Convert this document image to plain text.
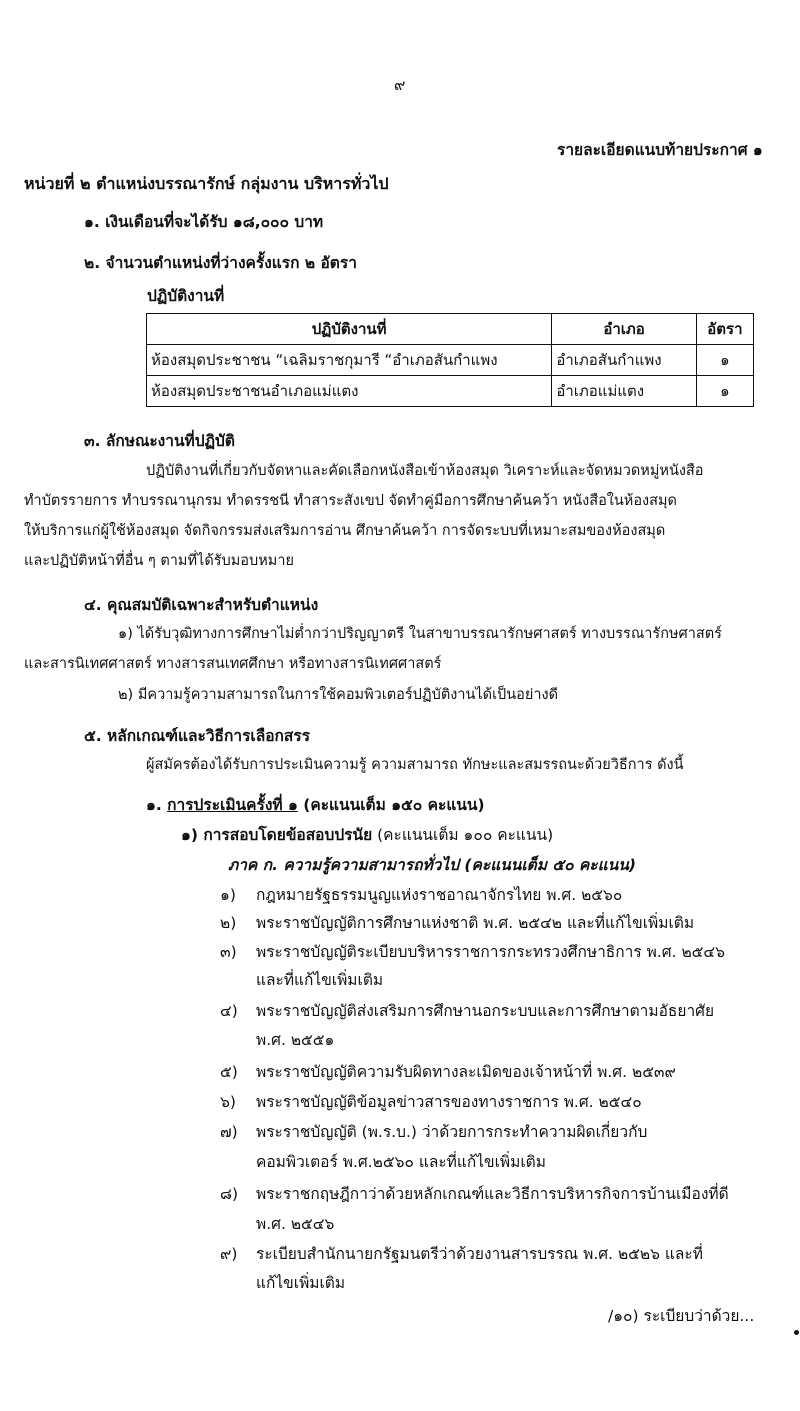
๙
รายละเอียดแนบท้ายประกาศ ๑
หน่วยที่ ๒ ตำแหน่งบรรณารักษ์ กลุ่มงาน บริหารทั่วไป
๑. เงินเดือนที่จะได้รับ ๑๘,๐๐๐ บาท
๒. จำนวนตำแหน่งที่ว่างครั้งแรก ๒ อัตรา
ปฏิบัติงานที่
ปฏิบัติงานที่	อำเภอ	อัตรา
ห้องสมุดประชาชน “เฉลิมราชกุมารี “อำเภอสันกำแพง	อำเภอสันกำแพง	๑
ห้องสมุดประชาชนอำเภอแม่แตง	อำเภอแม่แตง	๑
๓. ลักษณะงานที่ปฏิบัติ
ปฏิบัติงานที่เกี่ยวกับจัดหาและคัดเลือกหนังสือเข้าห้องสมุด วิเคราะห์และจัดหมวดหมู่หนังสือ
ทำบัตรรายการ ทำบรรณานุกรม ทำดรรชนี ทำสาระสังเขป จัดทำคู่มือการศึกษาค้นคว้า หนังสือในห้องสมุด
ให้บริการแก่ผู้ใช้ห้องสมุด จัดกิจกรรมส่งเสริมการอ่าน ศึกษาค้นคว้า การจัดระบบที่เหมาะสมของห้องสมุด
และปฏิบัติหน้าที่อื่น ๆ ตามที่ได้รับมอบหมาย
๔. คุณสมบัติเฉพาะสำหรับตำแหน่ง
๑) ได้รับวุฒิทางการศึกษาไม่ต่ำกว่าปริญญาตรี ในสาขาบรรณารักษศาสตร์ ทางบรรณารักษศาสตร์
และสารนิเทศศาสตร์ ทางสารสนเทศศึกษา หรือทางสารนิเทศศาสตร์
๒) มีความรู้ความสามารถในการใช้คอมพิวเตอร์ปฏิบัติงานได้เป็นอย่างดี
๕. หลักเกณฑ์และวิธีการเลือกสรร
ผู้สมัครต้องได้รับการประเมินความรู้ ความสามารถ ทักษะและสมรรถนะด้วยวิธีการ ดังนี้
๑. การประเมินครั้งที่ ๑ (คะแนนเต็ม ๑๕๐ คะแนน)
๑) การสอบโดยข้อสอบปรนัย (คะแนนเต็ม ๑๐๐ คะแนน)
ภาค ก. ความรู้ความสามารถทั่วไป (คะแนนเต็ม ๕๐ คะแนน)
๑) กฎหมายรัฐธรรมนูญแห่งราชอาณาจักรไทย พ.ศ. ๒๕๖๐
๒) พระราชบัญญัติการศึกษาแห่งชาติ พ.ศ. ๒๕๔๒ และที่แก้ไขเพิ่มเติม
๓) พระราชบัญญัติระเบียบบริหารราชการกระทรวงศึกษาธิการ พ.ศ. ๒๕๔๖
และที่แก้ไขเพิ่มเติม
๔) พระราชบัญญัติส่งเสริมการศึกษานอกระบบและการศึกษาตามอัธยาศัย
พ.ศ. ๒๕๕๑
๕) พระราชบัญญัติความรับผิดทางละเมิดของเจ้าหน้าที่ พ.ศ. ๒๕๓๙
๖) พระราชบัญญัติข้อมูลข่าวสารของทางราชการ พ.ศ. ๒๕๔๐
๗) พระราชบัญญัติ (พ.ร.บ.) ว่าด้วยการกระทำความผิดเกี่ยวกับ
คอมพิวเตอร์ พ.ศ.๒๕๖๐ และที่แก้ไขเพิ่มเติม
๘) พระราชกฤษฎีกาว่าด้วยหลักเกณฑ์และวิธีการบริหารกิจการบ้านเมืองที่ดี
พ.ศ. ๒๕๔๖
๙) ระเบียบสำนักนายกรัฐมนตรีว่าด้วยงานสารบรรณ พ.ศ. ๒๕๒๖ และที่
แก้ไขเพิ่มเติม
/๑๐) ระเบียบว่าด้วย...
